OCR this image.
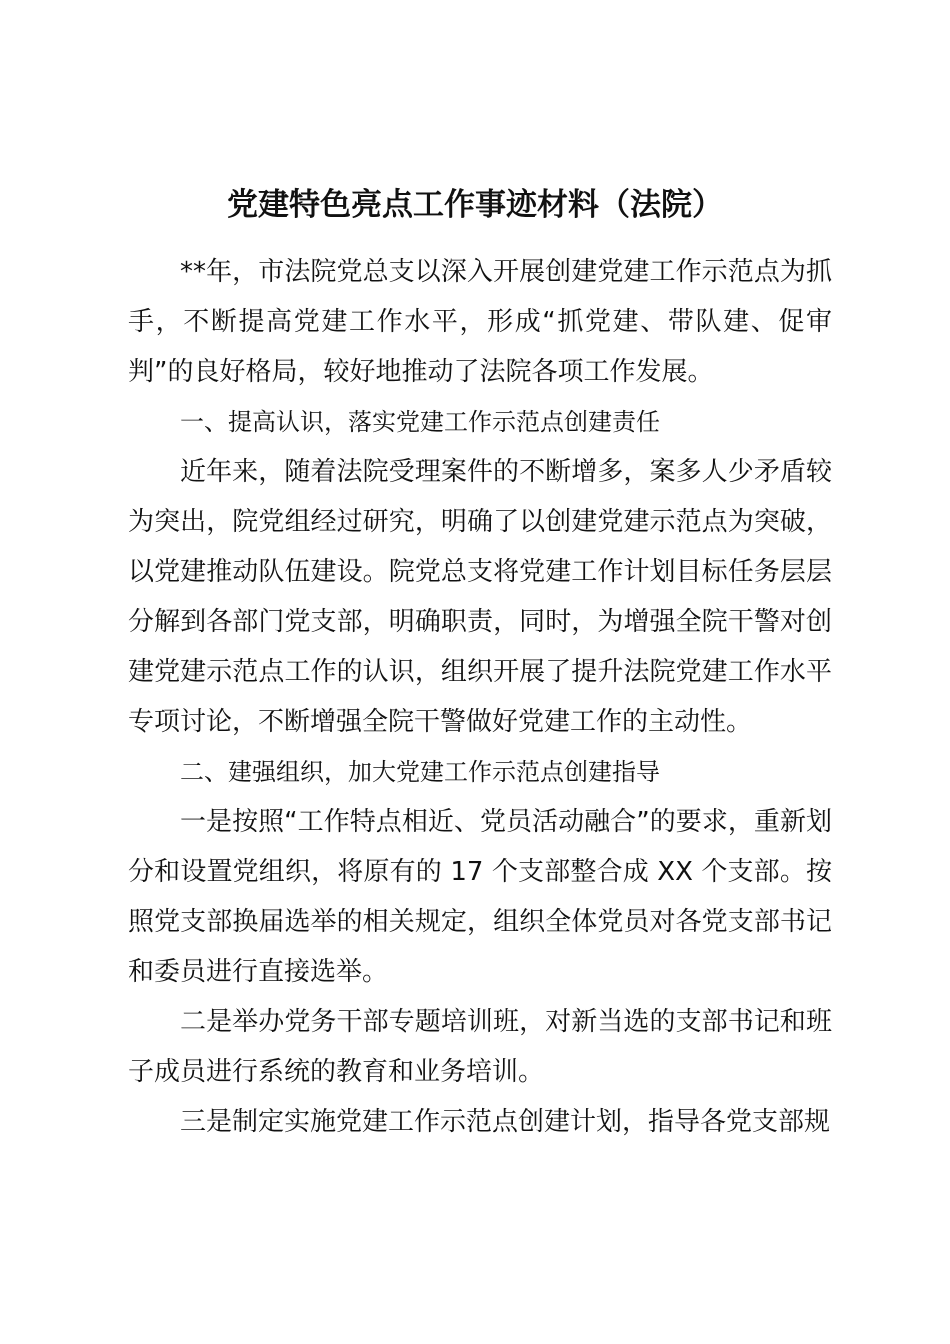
党建特色亮点工作事迹材料（法院）

**年，市法院党总支以深入开展创建党建工作示范点为抓手，不断提高党建工作水平，形成“抓党建、带队建、促审判”的良好格局，较好地推动了法院各项工作发展。

一、提高认识，落实党建工作示范点创建责任

近年来，随着法院受理案件的不断增多，案多人少矛盾较为突出，院党组经过研究，明确了以创建党建示范点为突破，以党建推动队伍建设。院党总支将党建工作计划目标任务层层分解到各部门党支部，明确职责，同时，为增强全院干警对创建党建示范点工作的认识，组织开展了提升法院党建工作水平专项讨论，不断增强全院干警做好党建工作的主动性。

二、建强组织，加大党建工作示范点创建指导

一是按照“工作特点相近、党员活动融合”的要求，重新划分和设置党组织，将原有的 17 个支部整合成 XX 个支部。按照党支部换届选举的相关规定，组织全体党员对各党支部书记和委员进行直接选举。

二是举办党务干部专题培训班，对新当选的支部书记和班子成员进行系统的教育和业务培训。

三是制定实施党建工作示范点创建计划，指导各党支部规
